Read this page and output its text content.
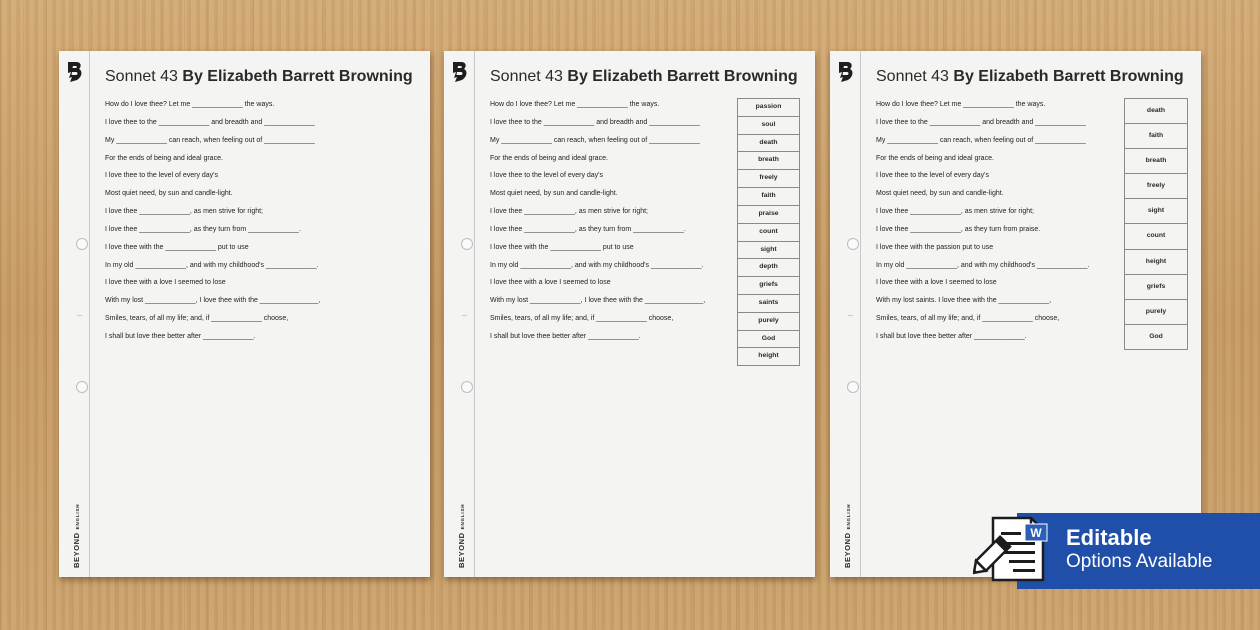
BEYOND
ENGLISH
Sonnet 43 By Elizabeth Barrett Browning
How do I love thee? Let me _____________ the ways.
I love thee to the _____________ and breadth and _____________
My _____________ can reach, when feeling out of _____________
For the ends of being and ideal grace.
I love thee to the level of every day's
Most quiet need, by sun and candle-light.
I love thee _____________, as men strive for right;
I love thee _____________, as they turn from _____________.
I love thee with the _____________ put to use
In my old _____________, and with my childhood's _____________.
I love thee with a love I seemed to lose
With my lost _____________, I love thee with the _______________,
Smiles, tears, of all my life; and, if _____________ choose,
I shall but love thee better after _____________.
BEYOND
ENGLISH
Sonnet 43 By Elizabeth Barrett Browning
How do I love thee? Let me _____________ the ways.
I love thee to the _____________ and breadth and _____________
My _____________ can reach, when feeling out of _____________
For the ends of being and ideal grace.
I love thee to the level of every day's
Most quiet need, by sun and candle-light.
I love thee _____________, as men strive for right;
I love thee _____________, as they turn from _____________.
I love thee with the _____________ put to use
In my old _____________, and with my childhood's _____________.
I love thee with a love I seemed to lose
With my lost _____________, I love thee with the _______________,
Smiles, tears, of all my life; and, if _____________ choose,
I shall but love thee better after _____________.
passion
soul
death
breath
freely
faith
praise
count
sight
depth
griefs
saints
purely
God
height
BEYOND
ENGLISH
Sonnet 43 By Elizabeth Barrett Browning
How do I love thee? Let me _____________ the ways.
I love thee to the _____________ and breadth and _____________
My _____________ can reach, when feeling out of _____________
For the ends of being and ideal grace.
I love thee to the level of every day's
Most quiet need, by sun and candle-light.
I love thee _____________, as men strive for right;
I love thee _____________, as they turn from praise.
I love thee with the passion put to use
In my old _____________, and with my childhood's _____________.
I love thee with a love I seemed to lose
With my lost saints. I love thee with the _____________,
Smiles, tears, of all my life; and, if _____________ choose,
I shall but love thee better after _____________.
death
faith
breath
freely
sight
count
height
griefs
purely
God
Editable
Options Available
W
